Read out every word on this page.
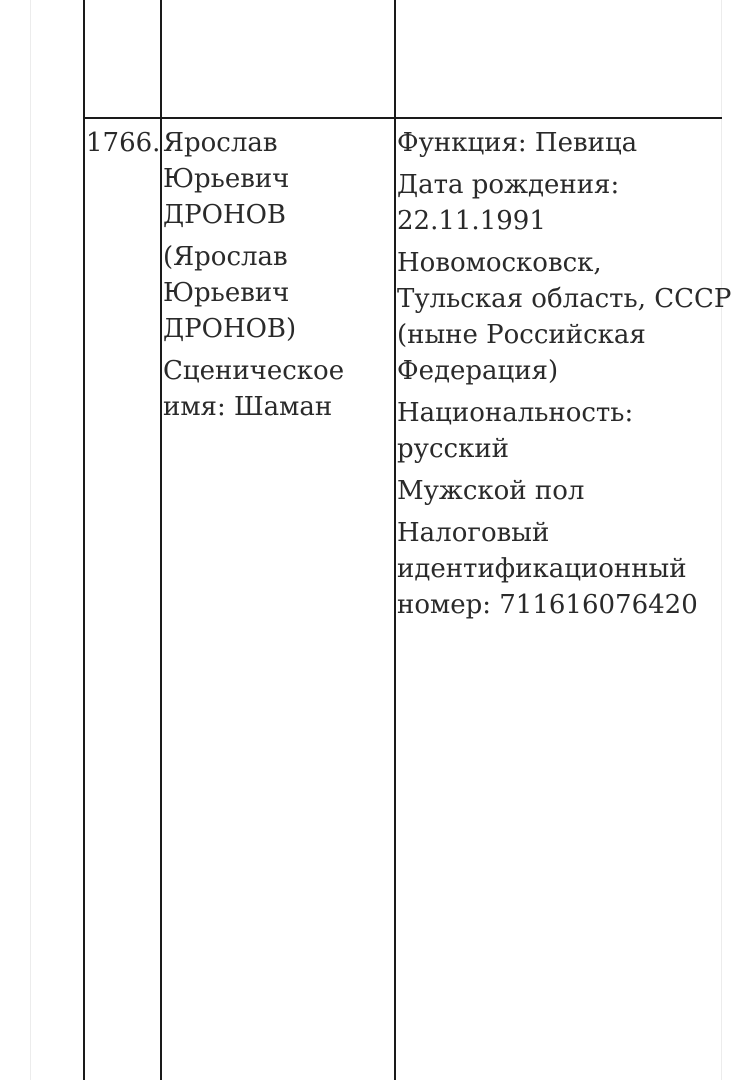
1766. Ярослав
Юрьевич
ДРОНОВ

(Ярослав
Юрьевич
ДРОНОВ)

Сценическое
имя: Шаман

Функция: Певица

Дата рождения:
22.11.1991

Новомосковск,
Тульская область, СССР
(ныне Российская
Федерация)

Национальность:
русский

Мужской пол

Налоговый
идентификационный
номер: 711616076420
